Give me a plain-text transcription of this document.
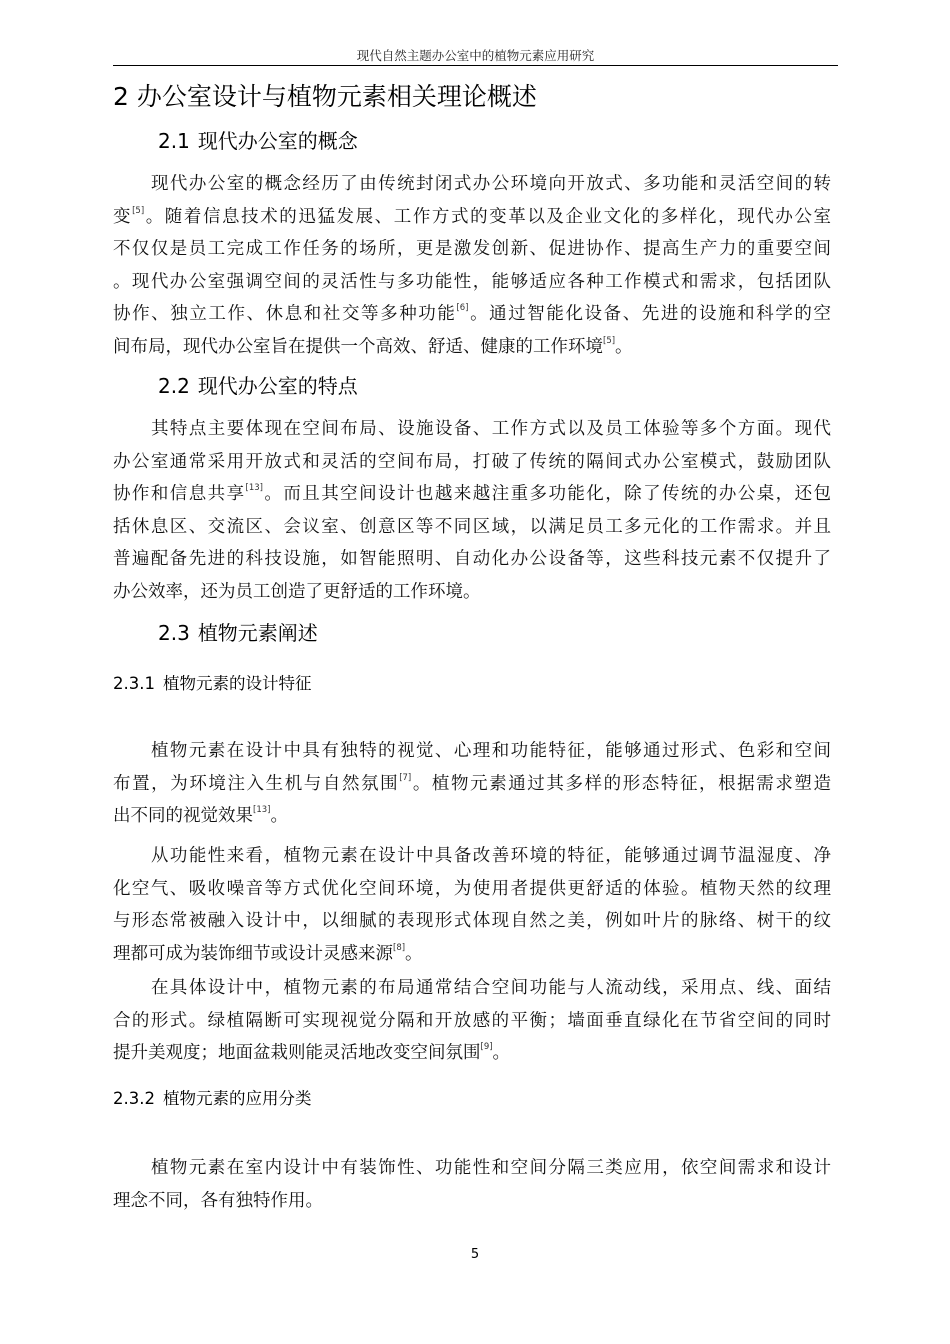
现代自然主题办公室中的植物元素应用研究
2 办公室设计与植物元素相关理论概述
2.1 现代办公室的概念
现代办公室的概念经历了由传统封闭式办公环境向开放式、多功能和灵活空间的转
变[5]。随着信息技术的迅猛发展、工作方式的变革以及企业文化的多样化，现代办公室
不仅仅是员工完成工作任务的场所，更是激发创新、促进协作、提高生产力的重要空间
。现代办公室强调空间的灵活性与多功能性，能够适应各种工作模式和需求，包括团队
协作、独立工作、休息和社交等多种功能[6]。通过智能化设备、先进的设施和科学的空
间布局，现代办公室旨在提供一个高效、舒适、健康的工作环境[5]。
2.2 现代办公室的特点
其特点主要体现在空间布局、设施设备、工作方式以及员工体验等多个方面。现代
办公室通常采用开放式和灵活的空间布局，打破了传统的隔间式办公室模式，鼓励团队
协作和信息共享[13]。而且其空间设计也越来越注重多功能化，除了传统的办公桌，还包
括休息区、交流区、会议室、创意区等不同区域，以满足员工多元化的工作需求。并且
普遍配备先进的科技设施，如智能照明、自动化办公设备等，这些科技元素不仅提升了
办公效率，还为员工创造了更舒适的工作环境。
2.3 植物元素阐述
2.3.1 植物元素的设计特征
植物元素在设计中具有独特的视觉、心理和功能特征，能够通过形式、色彩和空间
布置，为环境注入生机与自然氛围[7]。植物元素通过其多样的形态特征，根据需求塑造
出不同的视觉效果[13]。
从功能性来看，植物元素在设计中具备改善环境的特征，能够通过调节温湿度、净
化空气、吸收噪音等方式优化空间环境，为使用者提供更舒适的体验。植物天然的纹理
与形态常被融入设计中，以细腻的表现形式体现自然之美，例如叶片的脉络、树干的纹
理都可成为装饰细节或设计灵感来源[8]。
在具体设计中，植物元素的布局通常结合空间功能与人流动线，采用点、线、面结
合的形式。绿植隔断可实现视觉分隔和开放感的平衡；墙面垂直绿化在节省空间的同时
提升美观度；地面盆栽则能灵活地改变空间氛围[9]。
2.3.2 植物元素的应用分类
植物元素在室内设计中有装饰性、功能性和空间分隔三类应用，依空间需求和设计
理念不同，各有独特作用。
5
